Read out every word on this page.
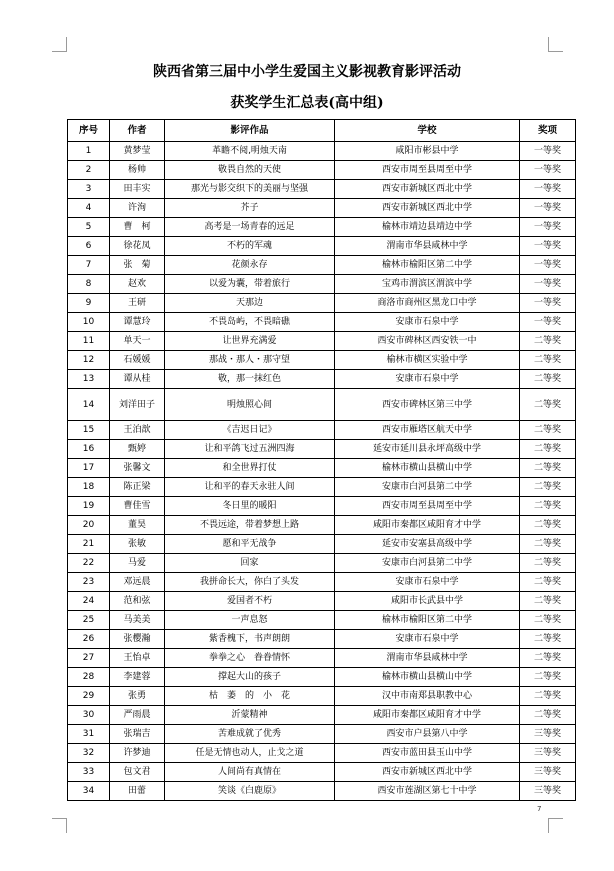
陕西省第三届中小学生爱国主义影视教育影评活动
获奖学生汇总表(高中组)
序号	作者	影评作品	学校	奖项
1	黄梦莹	革瞻不阅,明烛天南	咸阳市彬县中学	一等奖
2	杨帅	敬畏自然的天使	西安市周至县周至中学	一等奖
3	田丰实	那光与影交织下的美丽与坚强	西安市新城区西北中学	一等奖
4	许洵	芥子	西安市新城区西北中学	一等奖
5	曹　柯	高考是一场青春的远足	榆林市靖边县靖边中学	一等奖
6	徐花凤	不朽的军魂	渭南市华县咸林中学	一等奖
7	张　菊	花颜永存	榆林市榆阳区第二中学	一等奖
8	赵欢	以爱为囊，带着旅行	宝鸡市渭滨区渭滨中学	一等奖
9	王研	天那边	商洛市商州区黑龙口中学	一等奖
10	谭慧玲	不畏岛屿，不畏暗礁	安康市石泉中学	一等奖
11	单天一	让世界充满爱	西安市碑林区西安铁一中	二等奖
12	石媛媛	那战・那人・那守望	榆林市横区实验中学	二等奖
13	谭从桂	敬，那一抹红色	安康市石泉中学	二等奖
14	刘洋田子	明烛照心间	西安市碑林区第三中学	二等奖
15	王泊歆	《吉迟日记》	西安市雁塔区航天中学	二等奖
16	甄婷	让和平鸽飞过五洲四海	延安市延川县永坪高级中学	二等奖
17	张馨文	和全世界打仗	榆林市横山县横山中学	二等奖
18	陈正梁	让和平的春天永驻人间	安康市白河县第二中学	二等奖
19	曹佳雪	冬日里的暖阳	西安市周至县周至中学	二等奖
20	董昊	不畏远途，带着梦想上路	咸阳市秦都区咸阳育才中学	二等奖
21	张敏	愿和平无战争	延安市安塞县高级中学	二等奖
22	马爱	回家	安康市白河县第二中学	二等奖
23	邓远晨	我拼命长大，你白了头发	安康市石泉中学	二等奖
24	范和弦	爱国者不朽	咸阳市长武县中学	二等奖
25	马美美	一声息怒	榆林市榆阳区第二中学	二等奖
26	张樱瀚	紫香槐下，书声朗朗	安康市石泉中学	二等奖
27	王怡卓	拳拳之心　眷眷情怀	渭南市华县咸林中学	二等奖
28	李建蓉	撑起大山的孩子	榆林市横山县横山中学	二等奖
29	张勇	枯　萎　的　小　花	汉中市南郑县职教中心	二等奖
30	严雨晨	沂蒙精神	咸阳市秦都区咸阳育才中学	二等奖
31	张瑞吉	苦难成就了优秀	西安市户县第八中学	三等奖
32	许梦迪	任是无情也动人，止戈之道	西安市蓝田县玉山中学	三等奖
33	包文君	人间尚有真情在	西安市新城区西北中学	三等奖
34	田蕾	笑谈《白鹿原》	西安市莲湖区第七十中学	三等奖
7
